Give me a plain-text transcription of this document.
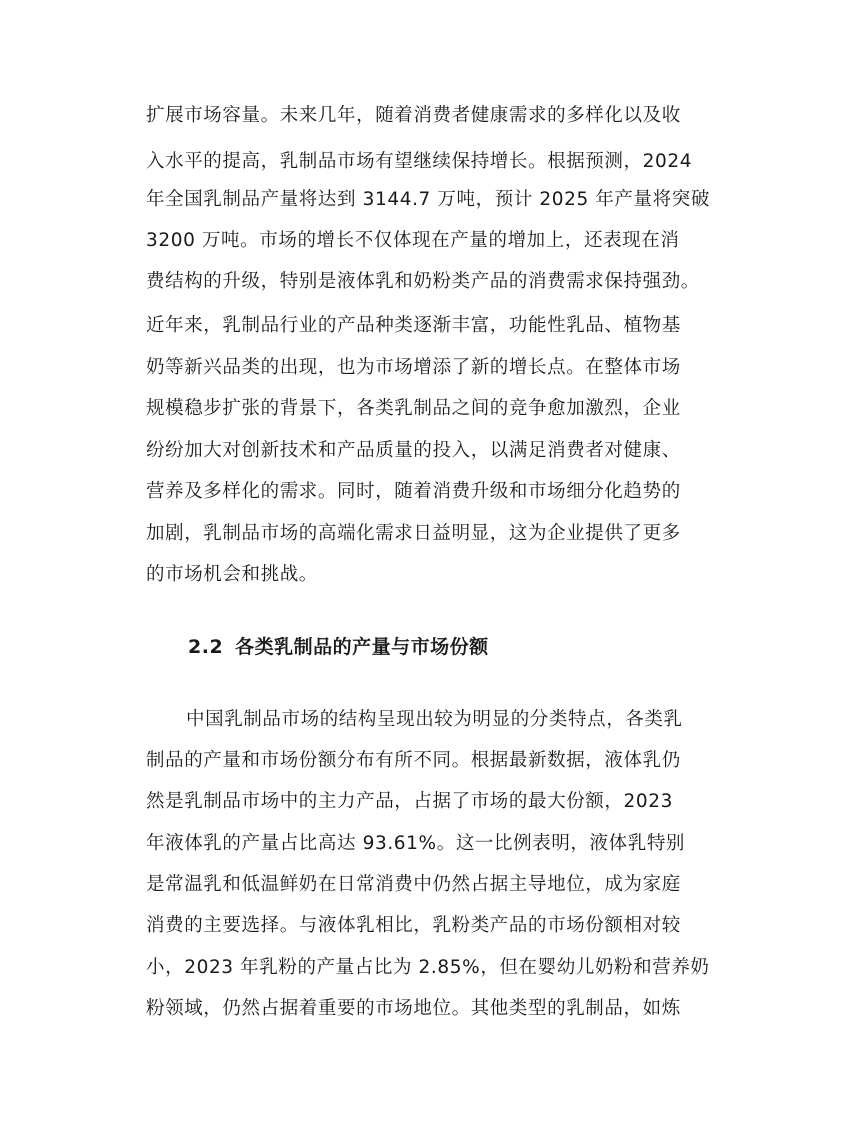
扩展市场容量。未来几年，随着消费者健康需求的多样化以及收
入水平的提高，乳制品市场有望继续保持增长。根据预测，2024
年全国乳制品产量将达到 3144.7 万吨，预计 2025 年产量将突破
3200 万吨。市场的增长不仅体现在产量的增加上，还表现在消
费结构的升级，特别是液体乳和奶粉类产品的消费需求保持强劲。
近年来，乳制品行业的产品种类逐渐丰富，功能性乳品、植物基
奶等新兴品类的出现，也为市场增添了新的增长点。在整体市场
规模稳步扩张的背景下，各类乳制品之间的竞争愈加激烈，企业
纷纷加大对创新技术和产品质量的投入，以满足消费者对健康、
营养及多样化的需求。同时，随着消费升级和市场细分化趋势的
加剧，乳制品市场的高端化需求日益明显，这为企业提供了更多
的市场机会和挑战。
2.2 各类乳制品的产量与市场份额
中国乳制品市场的结构呈现出较为明显的分类特点，各类乳
制品的产量和市场份额分布有所不同。根据最新数据，液体乳仍
然是乳制品市场中的主力产品，占据了市场的最大份额，2023
年液体乳的产量占比高达 93.61%。这一比例表明，液体乳特别
是常温乳和低温鲜奶在日常消费中仍然占据主导地位，成为家庭
消费的主要选择。与液体乳相比，乳粉类产品的市场份额相对较
小，2023 年乳粉的产量占比为 2.85%，但在婴幼儿奶粉和营养奶
粉领域，仍然占据着重要的市场地位。其他类型的乳制品，如炼
